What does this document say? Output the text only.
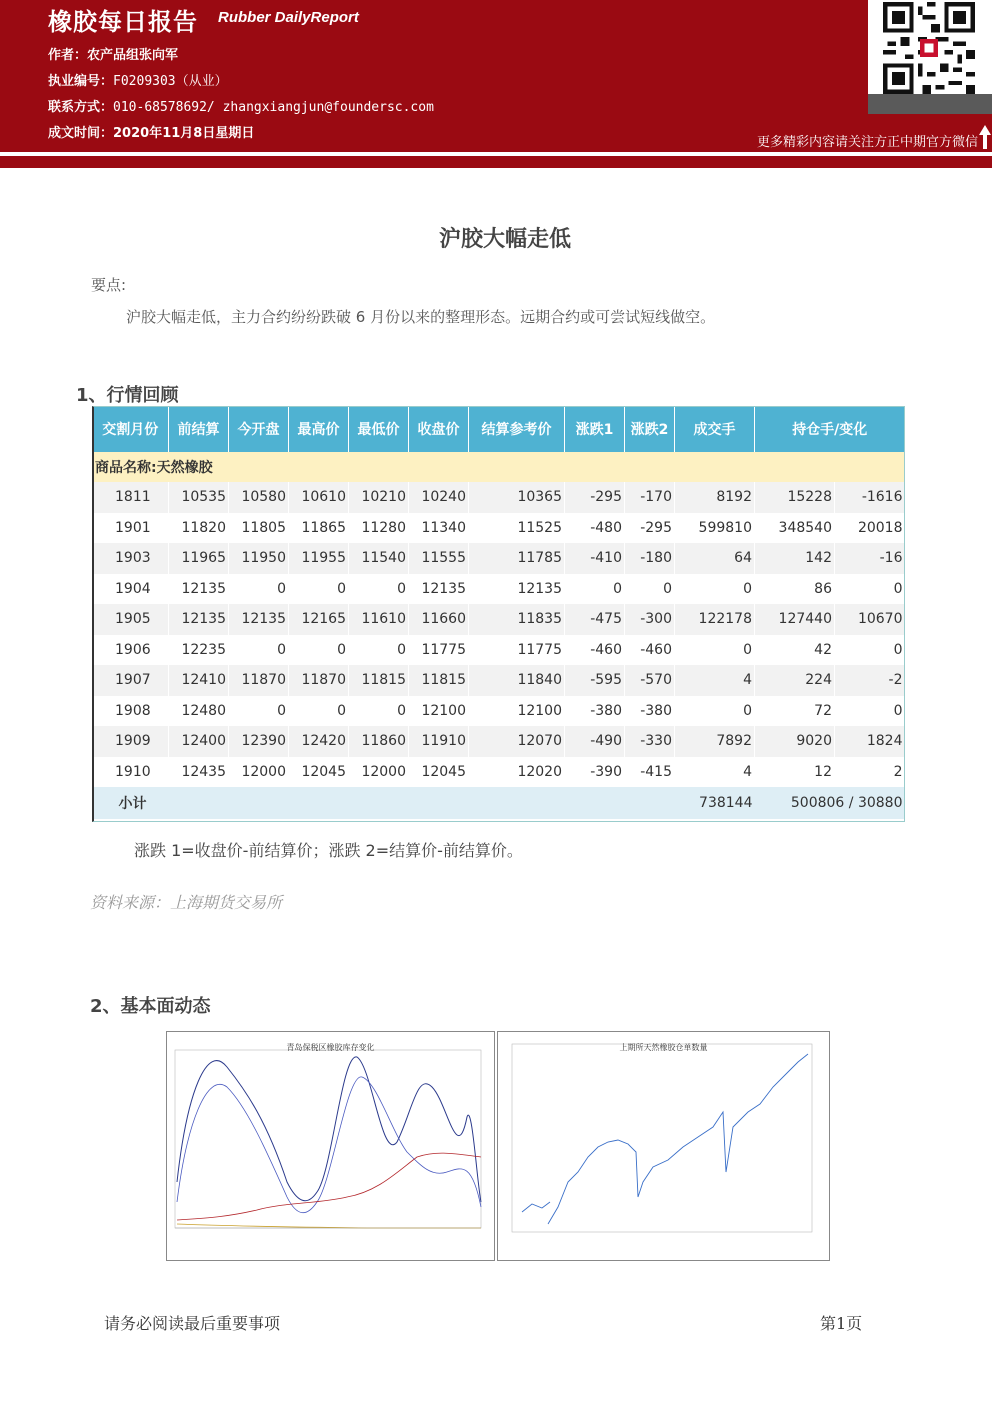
橡胶每日报告 Rubber DailyReport
作者：农产品组张向军
执业编号：F0209303（从业）
联系方式：010-68578692/ zhangxiangjun@foundersc.com
成文时间：2020年11月8日星期日
更多精彩内容请关注方正中期官方微信
沪胶大幅走低
要点:
沪胶大幅走低，主力合约纷纷跌破 6 月份以来的整理形态。远期合约或可尝试短线做空。
1、行情回顾
交割月份	前结算	今开盘	最高价	最低价	收盘价	结算参考价	涨跌1	涨跌2	成交手	持仓手/变化	
商品名称:天然橡胶											
1811	10535	10580	10610	10210	10240	10365	-295	-170	8192	15228	-1616
1901	11820	11805	11865	11280	11340	11525	-480	-295	599810	348540	20018
1903	11965	11950	11955	11540	11555	11785	-410	-180	64	142	-16
1904	12135	0	0	0	12135	12135	0	0	0	86	0
1905	12135	12135	12165	11610	11660	11835	-475	-300	122178	127440	10670
1906	12235	0	0	0	11775	11775	-460	-460	0	42	0
1907	12410	11870	11870	11815	11815	11840	-595	-570	4	224	-2
1908	12480	0	0	0	12100	12100	-380	-380	0	72	0
1909	12400	12390	12420	11860	11910	12070	-490	-330	7892	9020	1824
1910	12435	12000	12045	12000	12045	12020	-390	-415	4	12	2
小计									738144	500806 / 30880	
涨跌 1=收盘价-前结算价；涨跌 2=结算价-前结算价。
资料来源：上海期货交易所
2、基本面动态
青岛保税区橡胶库存变化	上期所天然橡胶仓单数量
请务必阅读最后重要事项	第1页
